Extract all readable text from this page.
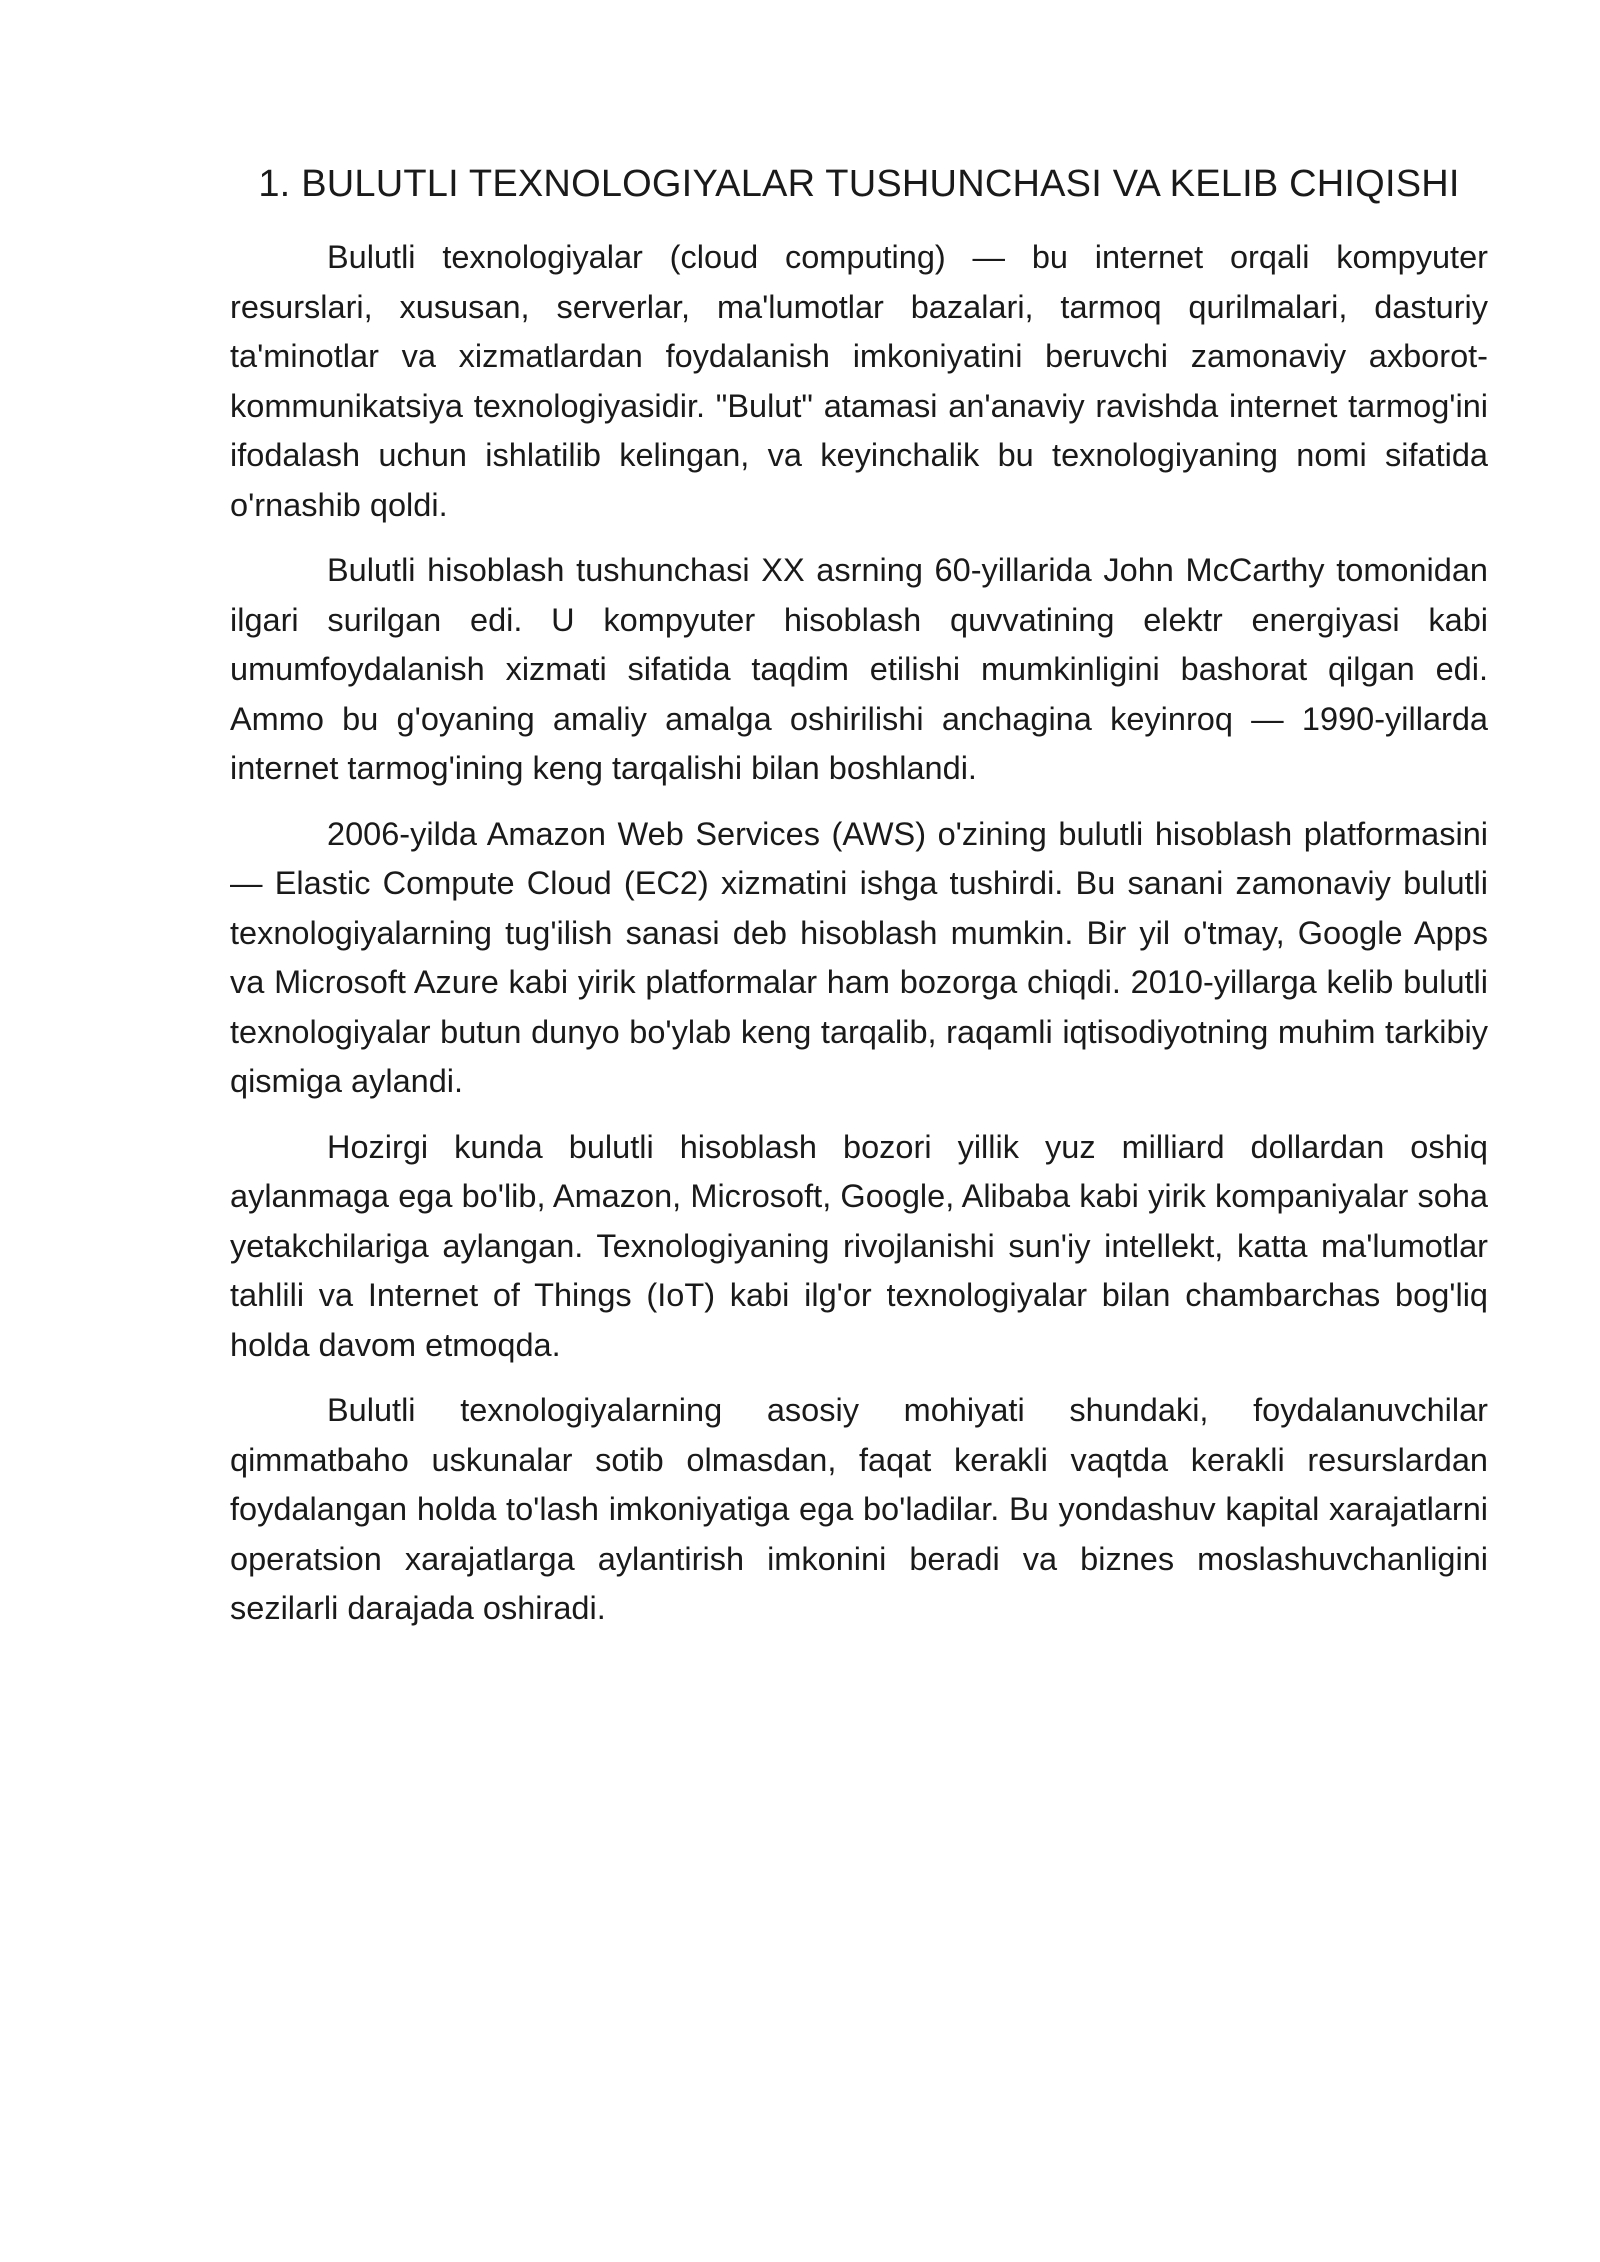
1. BULUTLI TEXNOLOGIYALAR TUSHUNCHASI VA KELIB CHIQISHI

Bulutli texnologiyalar (cloud computing) — bu internet orqali kompyuter resurslari, xususan, serverlar, ma'lumotlar bazalari, tarmoq qurilmalari, dasturiy ta'minotlar va xizmatlardan foydalanish imkoniyatini beruvchi zamonaviy axborot-kommunikatsiya texnologiyasidir. "Bulut" atamasi an'anaviy ravishda internet tarmog'ini ifodalash uchun ishlatilib kelingan, va keyinchalik bu texnologiyaning nomi sifatida o'rnashib qoldi.

Bulutli hisoblash tushunchasi XX asrning 60-yillarida John McCarthy tomonidan ilgari surilgan edi. U kompyuter hisoblash quvvatining elektr energiyasi kabi umumfoydalanish xizmati sifatida taqdim etilishi mumkinligini bashorat qilgan edi. Ammo bu g'oyaning amaliy amalga oshirilishi anchagina keyinroq — 1990-yillarda internet tarmog'ining keng tarqalishi bilan boshlandi.

2006-yilda Amazon Web Services (AWS) o'zining bulutli hisoblash platformasini — Elastic Compute Cloud (EC2) xizmatini ishga tushirdi. Bu sanani zamonaviy bulutli texnologiyalarning tug'ilish sanasi deb hisoblash mumkin. Bir yil o'tmay, Google Apps va Microsoft Azure kabi yirik platformalar ham bozorga chiqdi. 2010-yillarga kelib bulutli texnologiyalar butun dunyo bo'ylab keng tarqalib, raqamli iqtisodiyotning muhim tarkibiy qismiga aylandi.

Hozirgi kunda bulutli hisoblash bozori yillik yuz milliard dollardan oshiq aylanmaga ega bo'lib, Amazon, Microsoft, Google, Alibaba kabi yirik kompaniyalar soha yetakchilariga aylangan. Texnologiyaning rivojlanishi sun'iy intellekt, katta ma'lumotlar tahlili va Internet of Things (IoT) kabi ilg'or texnologiyalar bilan chambarchas bog'liq holda davom etmoqda.

Bulutli texnologiyalarning asosiy mohiyati shundaki, foydalanuvchilar qimmatbaho uskunalar sotib olmasdan, faqat kerakli vaqtda kerakli resurslardan foydalangan holda to'lash imkoniyatiga ega bo'ladilar. Bu yondashuv kapital xarajatlarni operatsion xarajatlarga aylantirish imkonini beradi va biznes moslashuvchanligini sezilarli darajada oshiradi.
